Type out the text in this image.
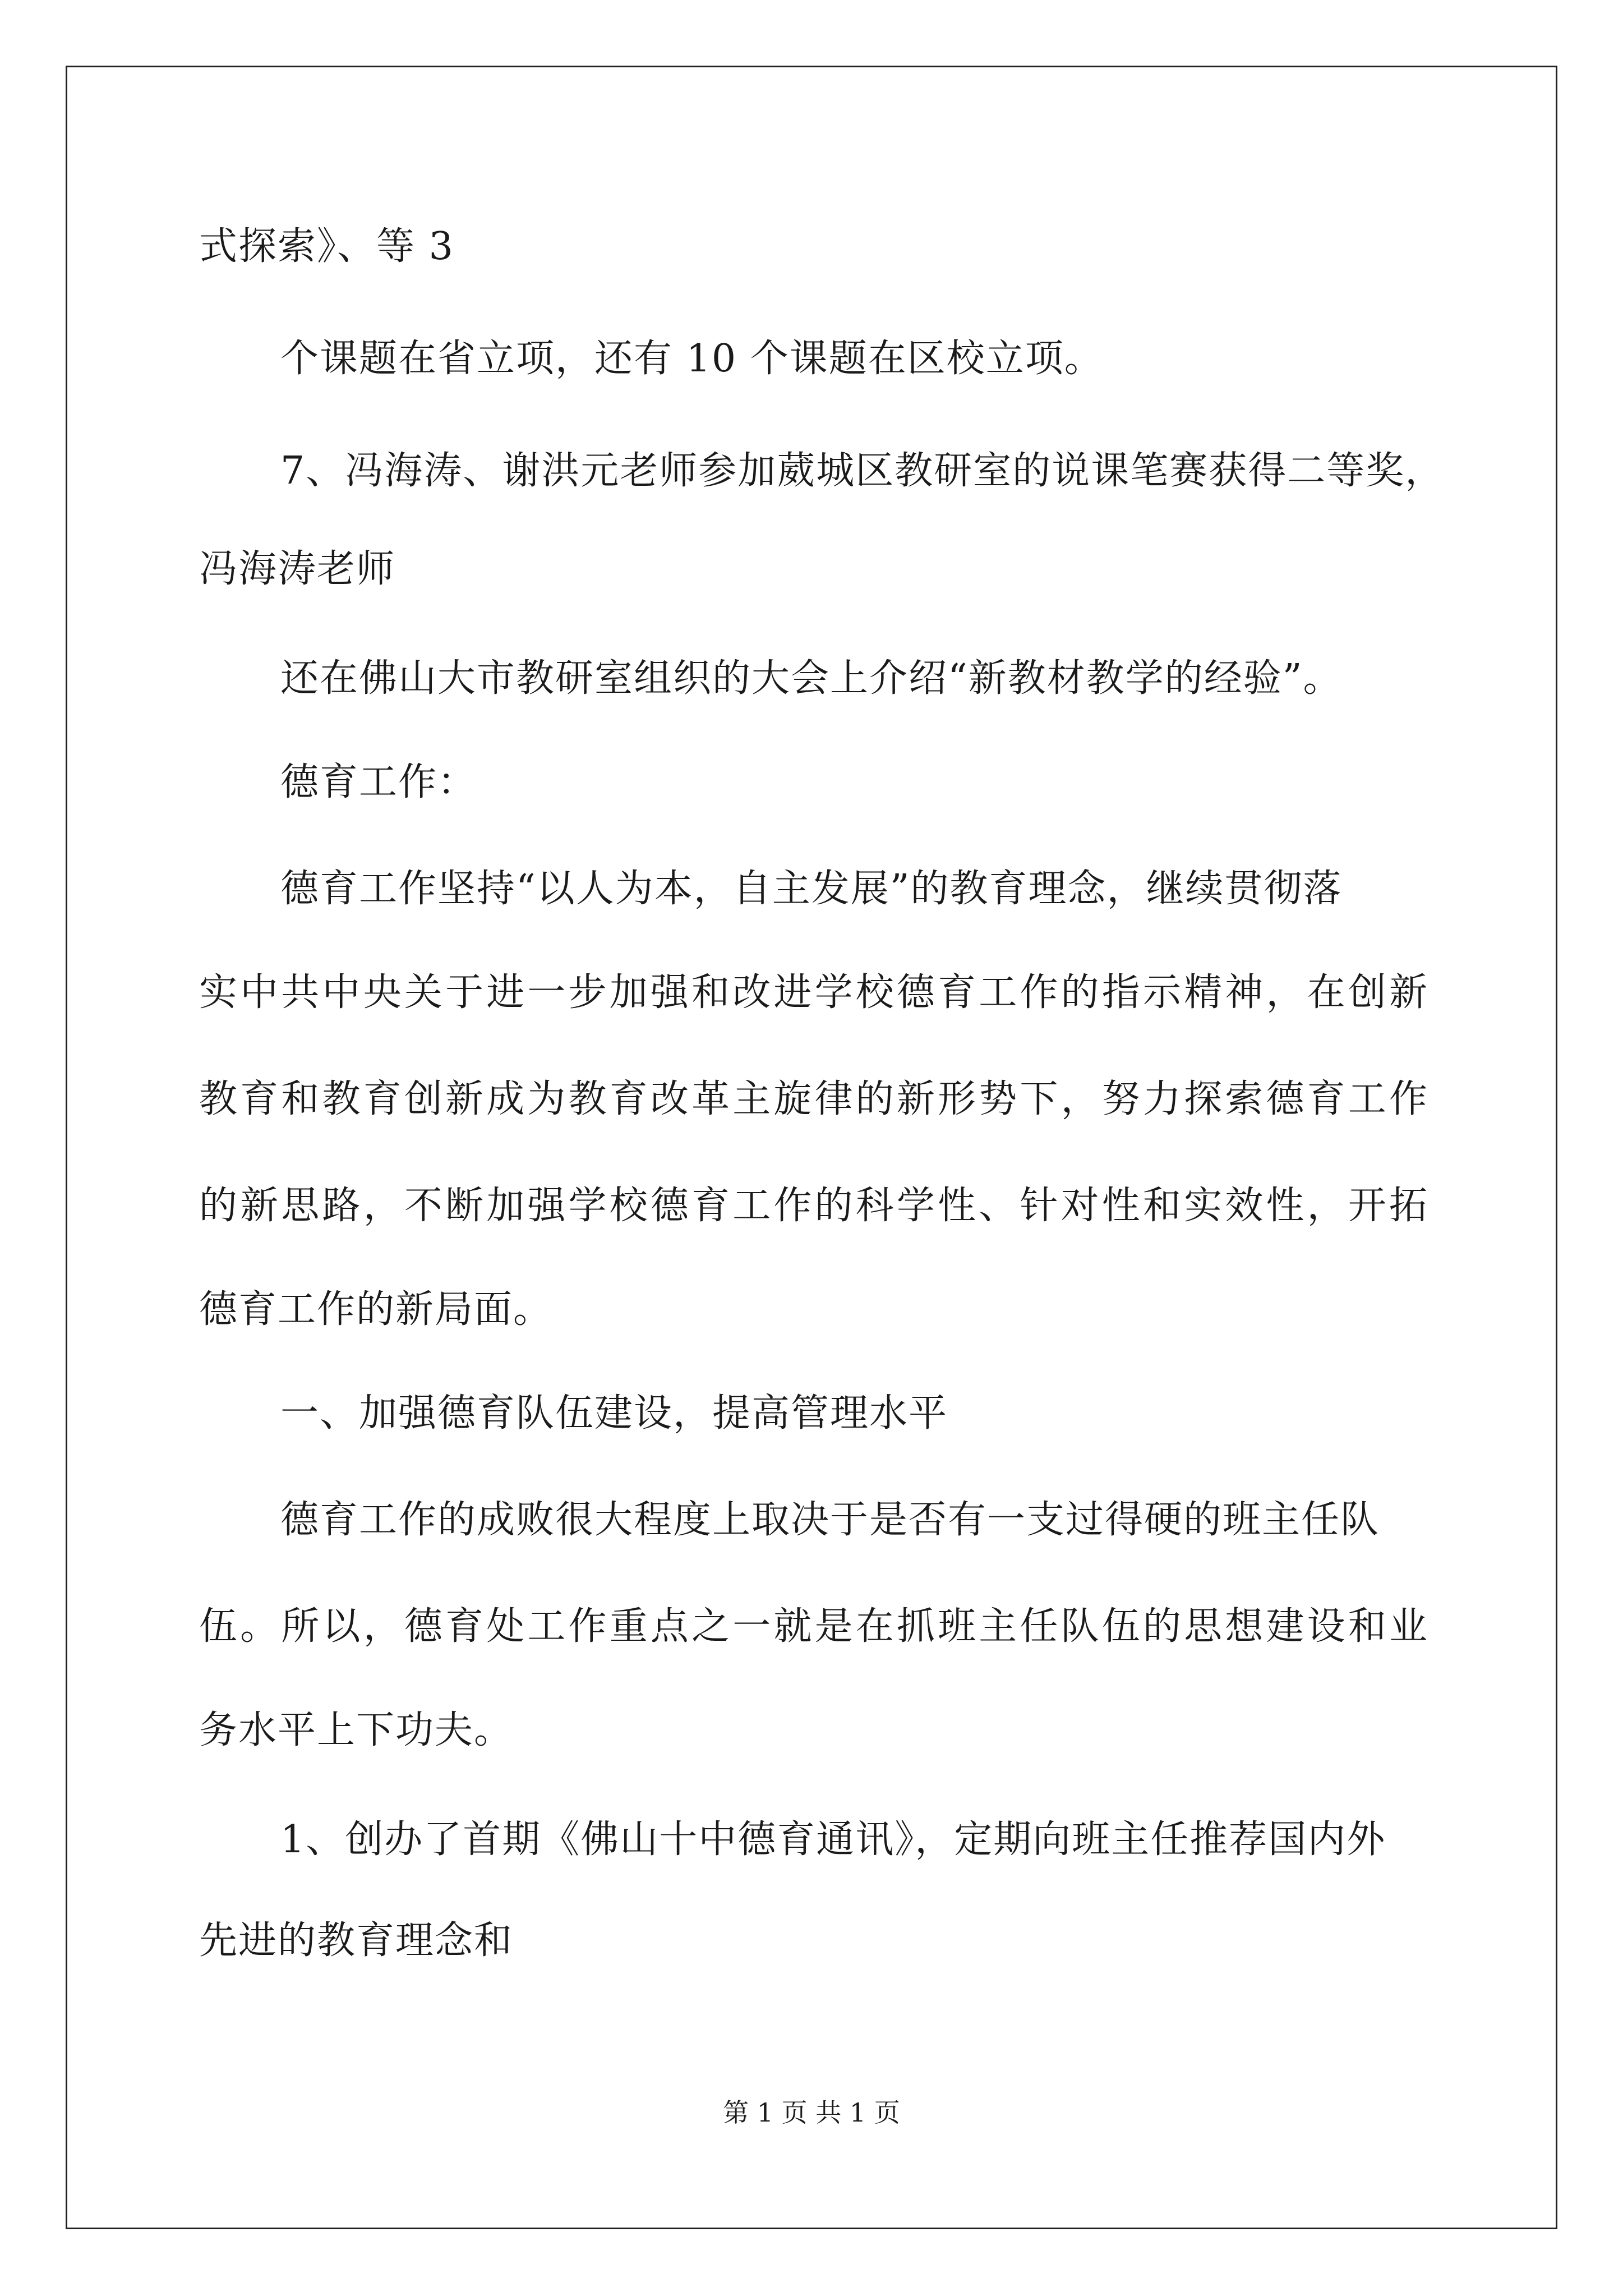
式探索》、等 3
个课题在省立项，还有 10 个课题在区校立项。
7、冯海涛、谢洪元老师参加葳城区教研室的说课笔赛获得二等奖，
冯海涛老师
还在佛山大市教研室组织的大会上介绍“新教材教学的经验”。
德育工作：
德育工作坚持“以人为本，自主发展”的教育理念，继续贯彻落
实中共中央关于进一步加强和改进学校德育工作的指示精神，在创新
教育和教育创新成为教育改革主旋律的新形势下，努力探索德育工作
的新思路，不断加强学校德育工作的科学性、针对性和实效性，开拓
德育工作的新局面。
一、加强德育队伍建设，提高管理水平
德育工作的成败很大程度上取决于是否有一支过得硬的班主任队
伍。所以，德育处工作重点之一就是在抓班主任队伍的思想建设和业
务水平上下功夫。
1、创办了首期《佛山十中德育通讯》，定期向班主任推荐国内外
先进的教育理念和
第 1 页 共 1 页
